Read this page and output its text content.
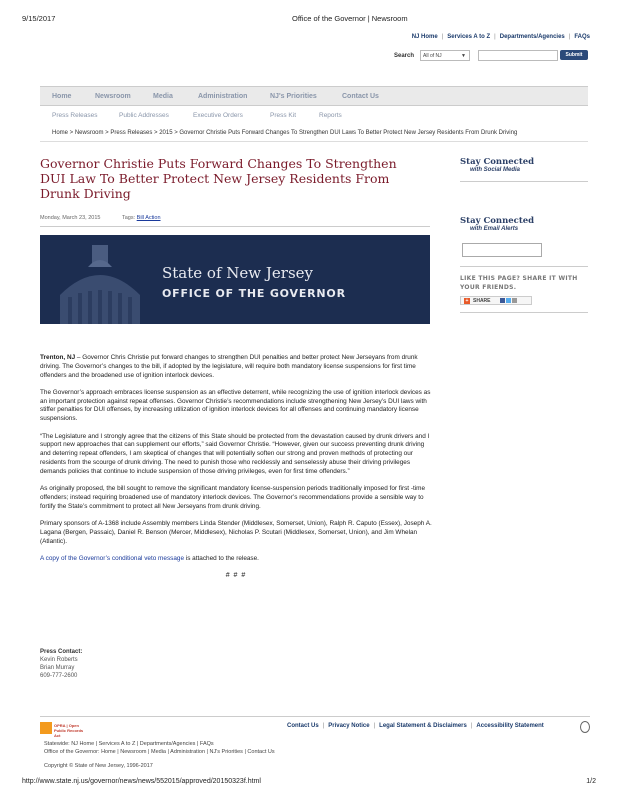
9/15/2017	Office of the Governor | Newsroom
NJ Home | Services A to Z | Departments/Agencies | FAQs
Search	All of NJ	▼	Submit
Home	Newsroom	Media	Administration	NJ's Priorities	Contact Us
Press Releases	Public Addresses	Executive Orders	Press Kit	Reports
Home > Newsroom > Press Releases > 2015 > Governor Christie Puts Forward Changes To Strengthen DUI Laws To Better Protect New Jersey Residents From Drunk Driving
Governor Christie Puts Forward Changes To Strengthen DUI Law To Better Protect New Jersey Residents From Drunk Driving
Monday, March 23, 2015	Tags: Bill Action
State of New Jersey
OFFICE OF THE GOVERNOR

Trenton, NJ – Governor Chris Christie put forward changes to strengthen DUI penalties and better protect New Jerseyans from drunk driving. The Governor’s changes to the bill, if adopted by the legislature, will require both mandatory license suspensions for first time offenders and the broadened use of ignition interlock devices.

The Governor’s approach embraces license suspension as an effective deterrent, while recognizing the use of ignition interlock devices as an important protection against repeat offenses. Governor Christie’s recommendations include strengthening New Jersey’s DUI laws with stiffer penalties for DUI offenses, by increasing utilization of ignition interlock devices for all offenses and continuing mandatory license suspensions.

“The Legislature and I strongly agree that the citizens of this State should be protected from the devastation caused by drunk drivers and I support new approaches that can supplement our efforts,” said Governor Christie. “However, given our success preventing drunk driving and deterring repeat offenders, I am skeptical of changes that will potentially soften our strong and proven methods of protecting our residents from the scourge of drunk driving. The need to punish those who recklessly and senselessly abuse their driving privileges demands policies that continue to include suspension of those driving privileges, even for first time offenders.”

As originally proposed, the bill sought to remove the significant mandatory license-suspension periods traditionally imposed for first -time offenders; instead requiring broadened use of mandatory interlock devices. The Governor’s recommendations provide a sensible way to fortify the State’s commitment to protect all New Jerseyans from drunk driving.

Primary sponsors of A-1368 include Assembly members Linda Stender (Middlesex, Somerset, Union), Ralph R. Caputo (Essex), Joseph A. Lagana (Bergen, Passaic), Daniel R. Benson (Mercer, Middlesex), Nicholas P. Scutari (Middlesex, Somerset, Union), and Jim Whelan (Atlantic).

A copy of the Governor’s conditional veto message is attached to the release.

# # #

Press Contact:
Kevin Roberts
Brian Murray
609-777-2600
Stay Connected
with Social Media
Stay Connected
with Email Alerts
LIKE THIS PAGE? SHARE IT WITH YOUR FRIENDS.
+ SHARE
OPRA | Open
Public Records Act
Contact Us | Privacy Notice | Legal Statement & Disclaimers | Accessibility Statement
Statewide: NJ Home | Services A to Z | Departments/Agencies | FAQs
Office of the Governor: Home | Newsroom | Media | Administration | NJ's Priorities | Contact Us
Copyright © State of New Jersey, 1996-2017
http://www.state.nj.us/governor/news/news/552015/approved/20150323f.html	1/2
